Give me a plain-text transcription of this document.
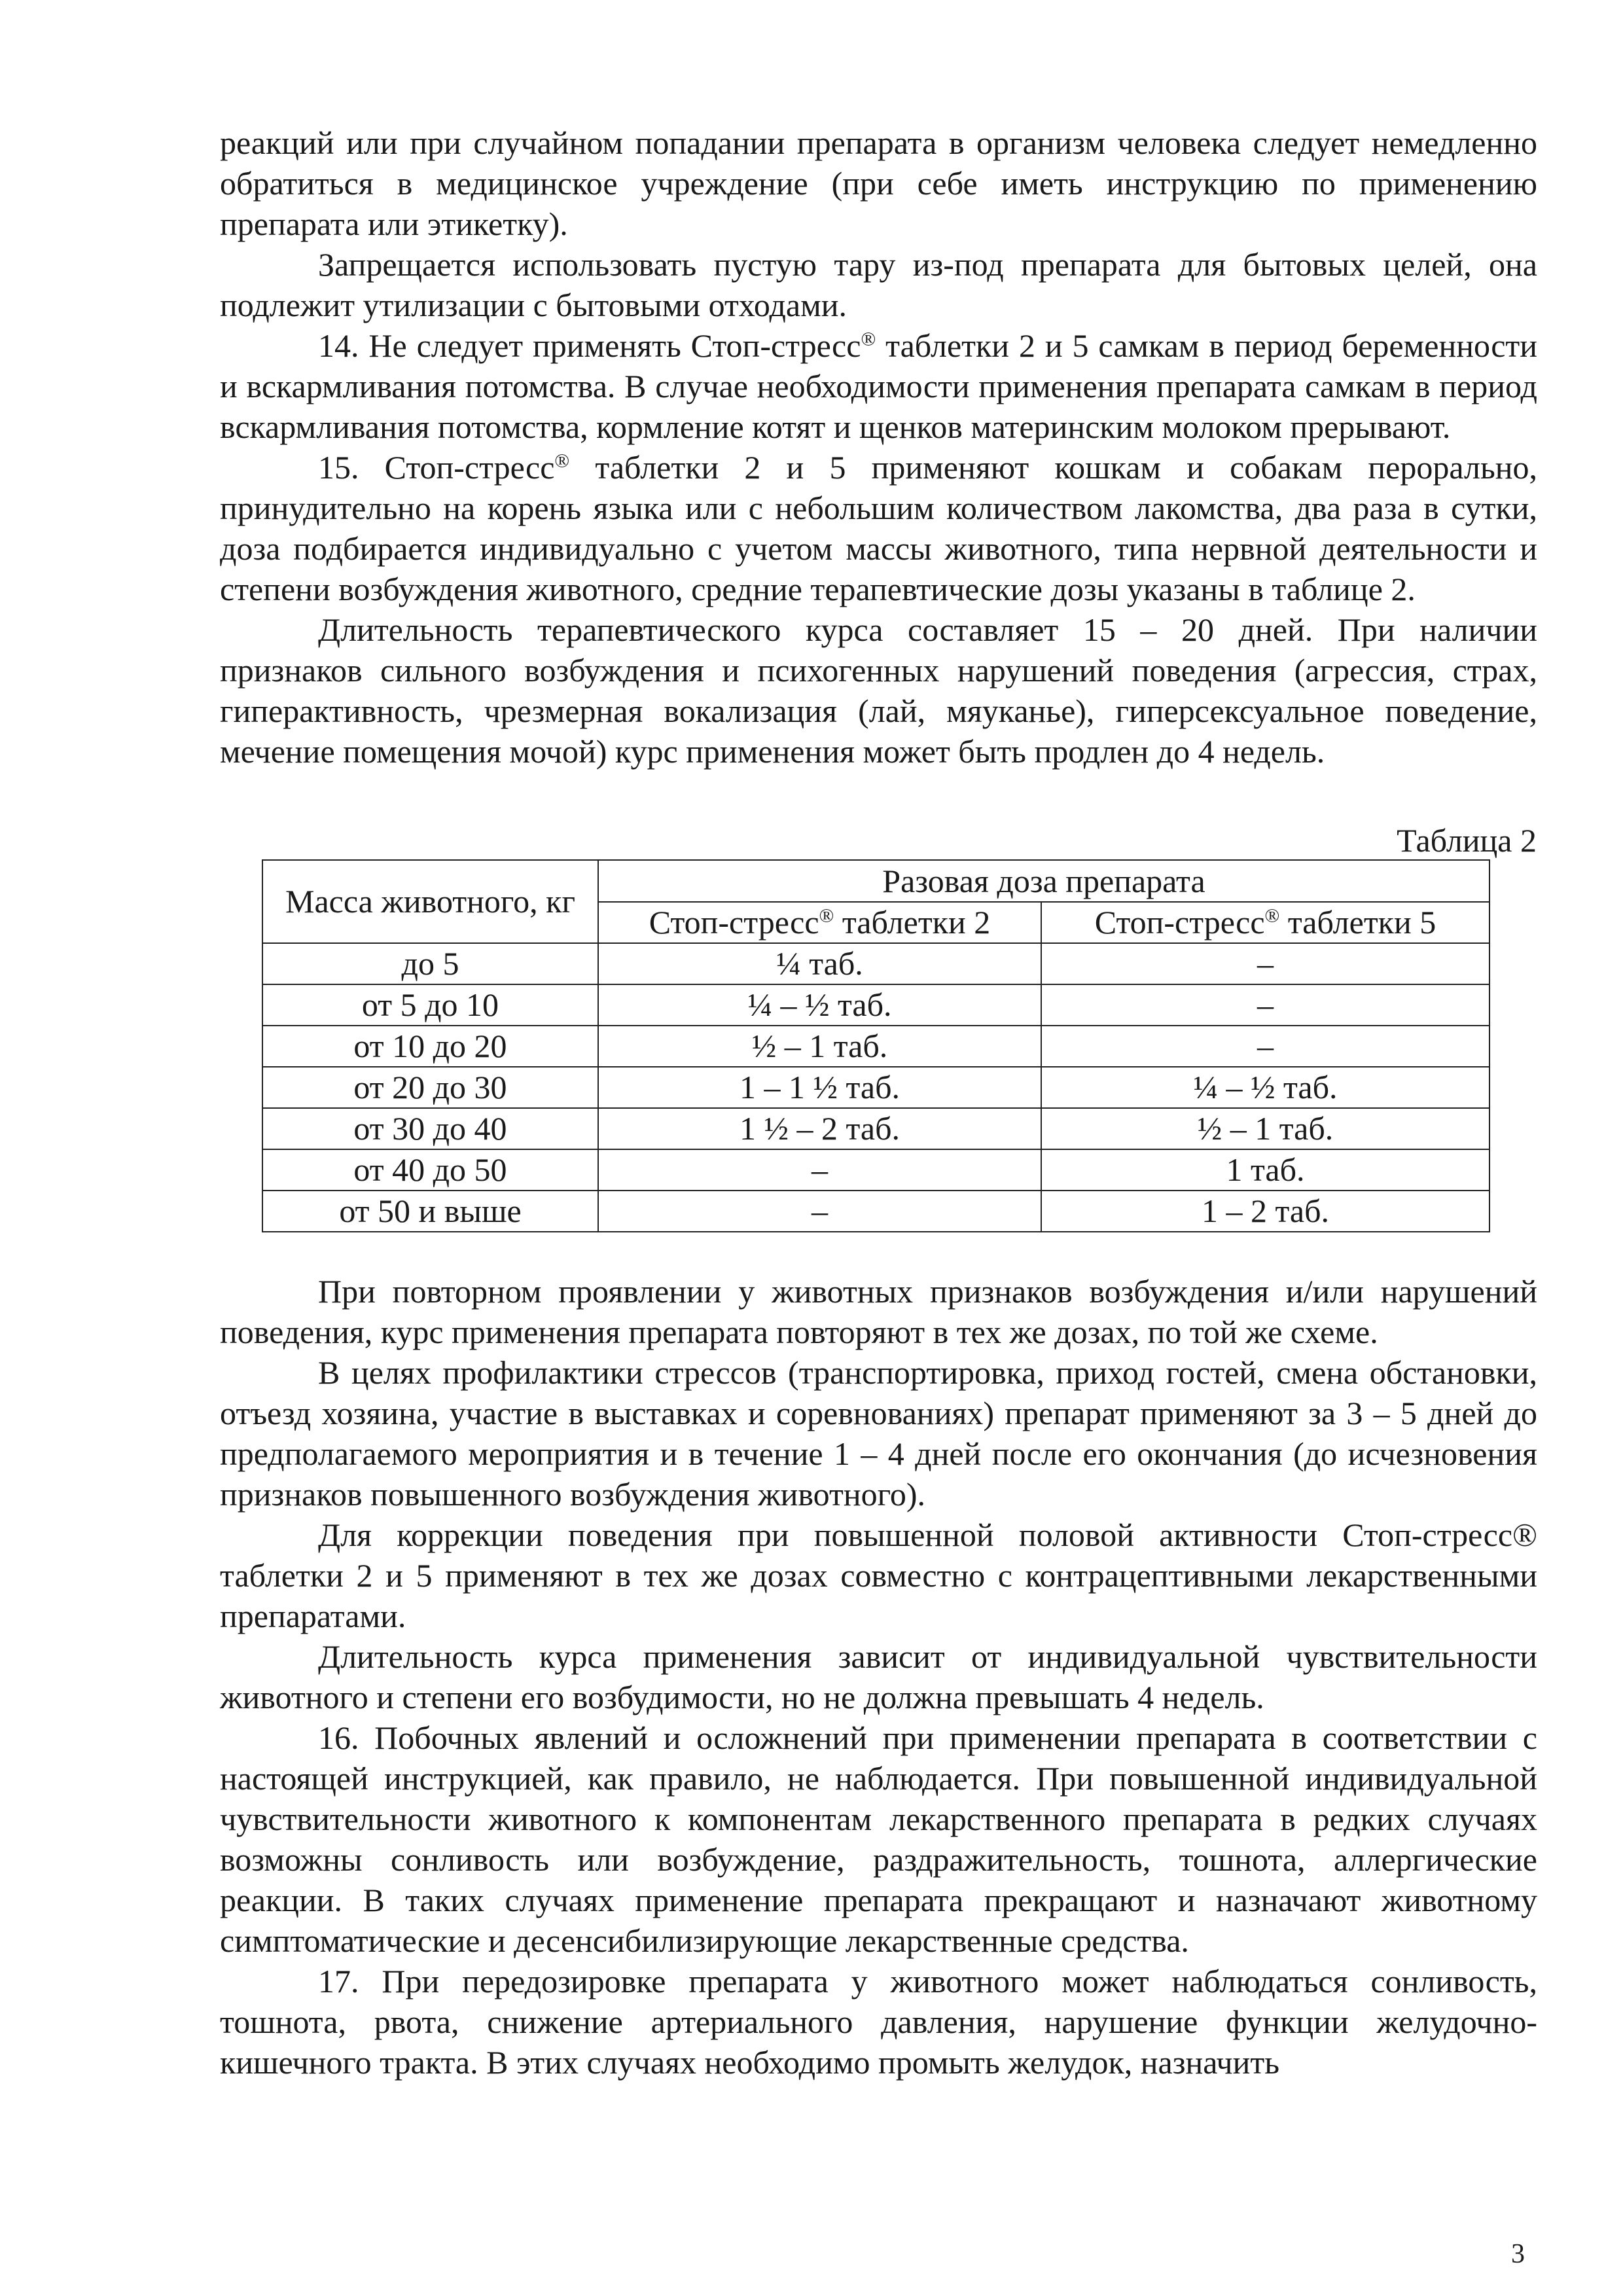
реакций или при случайном попадании препарата в организм человека следует немедленно обратиться в медицинское учреждение (при себе иметь инструкцию по применению препарата или этикетку).

Запрещается использовать пустую тару из-под препарата для бытовых целей, она подлежит утилизации с бытовыми отходами.

14. Не следует применять Стоп-стресс® таблетки 2 и 5 самкам в период беременности и вскармливания потомства. В случае необходимости применения препарата самкам в период вскармливания потомства, кормление котят и щенков материнским молоком прерывают.

15. Стоп-стресс® таблетки 2 и 5 применяют кошкам и собакам перорально, принудительно на корень языка или с небольшим количеством лакомства, два раза в сутки, доза подбирается индивидуально с учетом массы животного, типа нервной деятельности и степени возбуждения животного, средние терапевтические дозы указаны в таблице 2.

Длительность терапевтического курса составляет 15 – 20 дней. При наличии признаков сильного возбуждения и психогенных нарушений поведения (агрессия, страх, гиперактивность, чрезмерная вокализация (лай, мяуканье), гиперсексуальное поведение, мечение помещения мочой) курс применения может быть продлен до 4 недель.

Таблица 2
Масса животного, кг	Разовая доза препарата	
	Стоп-стресс® таблетки 2	Стоп-стресс® таблетки 5
до 5	¼ таб.	–
от 5 до 10	¼ – ½ таб.	–
от 10 до 20	½ – 1 таб.	–
от 20 до 30	1 – 1 ½ таб.	¼ – ½ таб.
от 30 до 40	1 ½ – 2 таб.	½ – 1 таб.
от 40 до 50	–	1 таб.
от 50 и выше	–	1 – 2 таб.

При повторном проявлении у животных признаков возбуждения и/или нарушений поведения, курс применения препарата повторяют в тех же дозах, по той же схеме.

В целях профилактики стрессов (транспортировка, приход гостей, смена обстановки, отъезд хозяина, участие в выставках и соревнованиях) препарат применяют за 3 – 5 дней до предполагаемого мероприятия и в течение 1 – 4 дней после его окончания (до исчезновения признаков повышенного возбуждения животного).

Для коррекции поведения при повышенной половой активности Стоп-стресс® таблетки 2 и 5 применяют в тех же дозах совместно с контрацептивными лекарственными препаратами.

Длительность курса применения зависит от индивидуальной чувствительности животного и степени его возбудимости, но не должна превышать 4 недель.

16. Побочных явлений и осложнений при применении препарата в соответствии с настоящей инструкцией, как правило, не наблюдается. При повышенной индивидуальной чувствительности животного к компонентам лекарственного препарата в редких случаях возможны сонливость или возбуждение, раздражительность, тошнота, аллергические реакции. В таких случаях применение препарата прекращают и назначают животному симптоматические и десенсибилизирующие лекарственные средства.

17. При передозировке препарата у животного может наблюдаться сонливость, тошнота, рвота, снижение артериального давления, нарушение функции желудочно-кишечного тракта. В этих случаях необходимо промыть желудок, назначить

3
